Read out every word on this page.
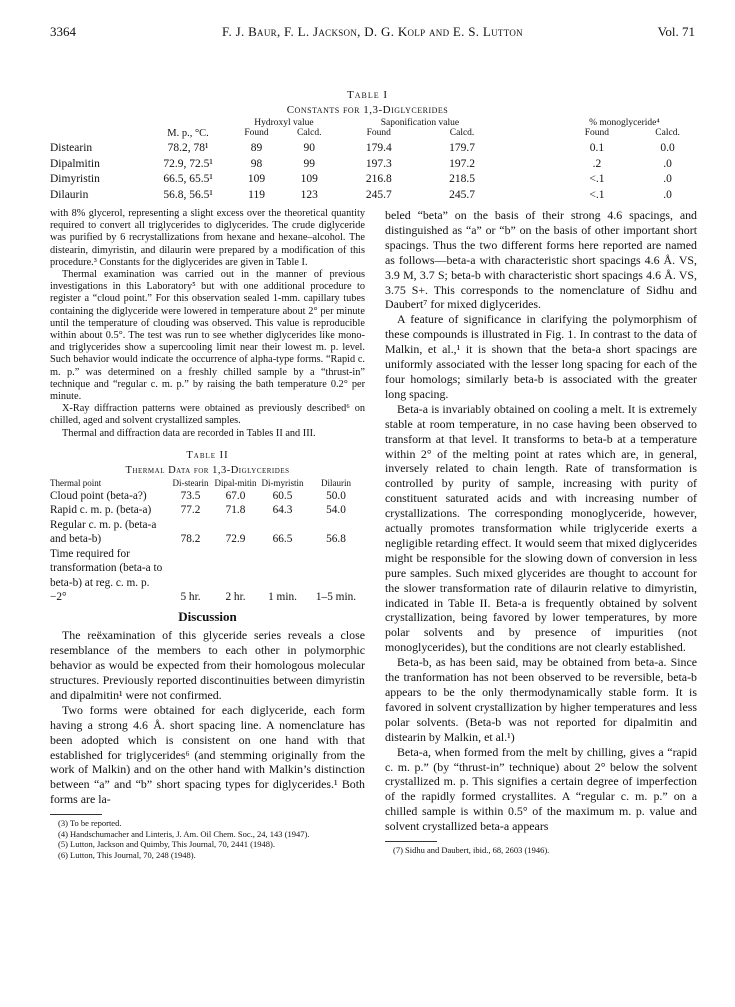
3364	F. J. Baur, F. L. Jackson, D. G. Kolp and E. S. Lutton	Vol. 71
Table I
Constants for 1,3-Diglycerides
		Hydroxyl value		Saponification value			% monoglyceride⁴	
	M. p., °C.	Found	Calcd.	Found	Calcd.		Found	Calcd.
Distearin	78.2, 78¹	89	90	179.4	179.7		0.1	0.0
Dipalmitin	72.9, 72.5¹	98	99	197.3	197.2		.2	.0
Dimyristin	66.5, 65.5¹	109	109	216.8	218.5		<.1	.0
Dilaurin	56.8, 56.5¹	119	123	245.7	245.7		<.1	.0

with 8% glycerol, representing a slight excess over the theoretical quantity required to convert all triglycerides to diglycerides. The crude diglyceride was purified by 6 recrystallizations from hexane and hexane–alcohol. The distearin, dimyristin, and dilaurin were prepared by a modification of this procedure.³ Constants for the diglycerides are given in Table I.

Thermal examination was carried out in the manner of previous investigations in this Laboratory⁵ but with one additional procedure to register a “cloud point.” For this observation sealed 1-mm. capillary tubes containing the diglyceride were lowered in temperature about 2° per minute until the temperature of clouding was observed. This value is reproducible within about 0.5°. The test was run to see whether diglycerides like mono- and triglycerides show a supercooling limit near their lowest m. p. level. Such behavior would indicate the occurrence of alpha-type forms. “Rapid c. m. p.” was determined on a freshly chilled sample by a “thrust-in” technique and “regular c. m. p.” by raising the bath temperature 0.2° per minute.

X-Ray diffraction patterns were obtained as previously described⁶ on chilled, aged and solvent crystallized samples.

Thermal and diffraction data are recorded in Tables II and III.

Table II
Thermal Data for 1,3-Diglycerides
Thermal point	Di-stearin	Dipal-mitin	Di-myristin	Dilaurin
Cloud point (beta-a?)	73.5	67.0	60.5	50.0
Rapid c. m. p. (beta-a)	77.2	71.8	64.3	54.0
Regular c. m. p. (beta-a and beta-b)	78.2	72.9	66.5	56.8
Time required for transformation (beta-a to beta-b) at reg. c. m. p. −2°	5 hr.	2 hr.	1 min.	1–5 min.
Discussion

The reëxamination of this glyceride series reveals a close resemblance of the members to each other in polymorphic behavior as would be expected from their homologous molecular structures. Previously reported discontinuities between dimyristin and dipalmitin¹ were not confirmed.

Two forms were obtained for each diglyceride, each form having a strong 4.6 Å. short spacing line. A nomenclature has been adopted which is consistent on one hand with that established for triglycerides⁶ (and stemming originally from the work of Malkin) and on the other hand with Malkin’s distinction between “a” and “b” short spacing types for diglycerides.¹ Both forms are la-

(3) To be reported.

(4) Handschumacher and Linteris, J. Am. Oil Chem. Soc., 24, 143 (1947).

(5) Lutton, Jackson and Quimby, This Journal, 70, 2441 (1948).

(6) Lutton, This Journal, 70, 248 (1948).

beled “beta” on the basis of their strong 4.6 spacings, and distinguished as “a” or “b” on the basis of other important short spacings. Thus the two different forms here reported are named as follows—beta-a with characteristic short spacings 4.6 Å. VS, 3.9 M, 3.7 S; beta-b with characteristic short spacings 4.6 Å. VS, 3.75 S+. This corresponds to the nomenclature of Sidhu and Daubert⁷ for mixed diglycerides.

A feature of significance in clarifying the polymorphism of these compounds is illustrated in Fig. 1. In contrast to the data of Malkin, et al.,¹ it is shown that the beta-a short spacings are uniformly associated with the lesser long spacing for each of the four homologs; similarly beta-b is associated with the greater long spacing.

Beta-a is invariably obtained on cooling a melt. It is extremely stable at room temperature, in no case having been observed to transform at that level. It transforms to beta-b at a temperature within 2° of the melting point at rates which are, in general, inversely related to chain length. Rate of transformation is controlled by purity of sample, increasing with purity of constituent saturated acids and with increasing number of crystallizations. The corresponding monoglyceride, however, actually promotes transformation while triglyceride exerts a negligible retarding effect. It would seem that mixed diglycerides might be responsible for the slowing down of conversion in less pure samples. Such mixed glycerides are thought to account for the slower transformation rate of dilaurin relative to dimyristin, indicated in Table II. Beta-a is frequently obtained by solvent crystallization, being favored by lower temperatures, by more polar solvents and by presence of impurities (not monoglycerides), but the conditions are not clearly established.

Beta-b, as has been said, may be obtained from beta-a. Since the tranformation has not been observed to be reversible, beta-b appears to be the only thermodynamically stable form. It is favored in solvent crystallization by higher temperatures and less polar solvents. (Beta-b was not reported for dipalmitin and distearin by Malkin, et al.¹)

Beta-a, when formed from the melt by chilling, gives a “rapid c. m. p.” (by “thrust-in” technique) about 2° below the solvent crystallized m. p. This signifies a certain degree of imperfection of the rapidly formed crystallites. A “regular c. m. p.” on a chilled sample is within 0.5° of the maximum m. p. value and solvent crystallized beta-a appears

(7) Sidhu and Daubert, ibid., 68, 2603 (1946).
